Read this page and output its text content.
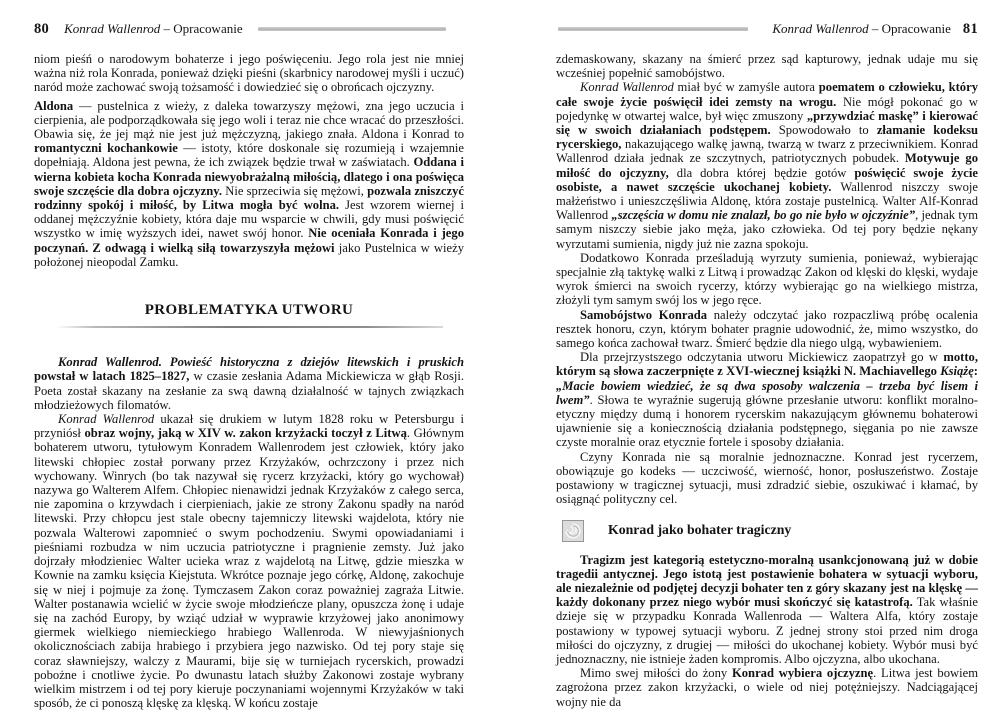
80 Konrad Wallenrod – Opracowanie

niom pieśń o narodowym bohaterze i jego poświęceniu. Jego rola jest nie mniej ważna niż rola Konrada, ponieważ dzięki pieśni (skarbnicy narodowej myśli i uczuć) naród może zachować swoją tożsamość i dowiedzieć się o obrońcach ojczyzny.

Aldona — pustelnica z wieży, z daleka towarzyszy mężowi, zna jego uczucia i cierpienia, ale podporządkowała się jego woli i teraz nie chce wracać do przeszłości. Obawia się, że jej mąż nie jest już mężczyzną, jakiego znała. Aldona i Konrad to romantyczni kochankowie — istoty, które doskonale się rozumieją i wzajemnie dopełniają. Aldona jest pewna, że ich związek będzie trwał w zaświatach. Oddana i wierna kobieta kocha Konrada niewyobrażalną miłością, dlatego i ona poświęca swoje szczęście dla dobra ojczyzny. Nie sprzeciwia się mężowi, pozwala zniszczyć rodzinny spokój i miłość, by Litwa mogła być wolna. Jest wzorem wiernej i oddanej mężczyźnie kobiety, która daje mu wsparcie w chwili, gdy musi poświęcić wszystko w imię wyższych idei, nawet swój honor. Nie oceniała Konrada i jego poczynań. Z odwagą i wielką siłą towarzyszyła mężowi jako Pustelnica w wieży położonej nieopodal Zamku.

PROBLEMATYKA UTWORU

Konrad Wallenrod. Powieść historyczna z dziejów litewskich i pruskich powstał w latach 1825–1827, w czasie zesłania Adama Mickiewicza w głąb Rosji. Poeta został skazany na zesłanie za swą dawną działalność w tajnych związkach młodzieżowych filomatów.

Konrad Wallenrod ukazał się drukiem w lutym 1828 roku w Petersburgu i przyniósł obraz wojny, jaką w XIV w. zakon krzyżacki toczył z Litwą. Głównym bohaterem utworu, tytułowym Konradem Wallenrodem jest człowiek, który jako litewski chłopiec został porwany przez Krzyżaków, ochrzczony i przez nich wychowany. Winrych (bo tak nazywał się rycerz krzyżacki, który go wychował) nazywa go Walterem Alfem. Chłopiec nienawidzi jednak Krzyżaków z całego serca, nie zapomina o krzywdach i cierpieniach, jakie ze strony Zakonu spadły na naród litewski. Przy chłopcu jest stale obecny tajemniczy litewski wajdelota, który nie pozwala Walterowi zapomnieć o swym pochodzeniu. Swymi opowiadaniami i pieśniami rozbudza w nim uczucia patriotyczne i pragnienie zemsty. Już jako dojrzały młodzieniec Walter ucieka wraz z wajdelotą na Litwę, gdzie mieszka w Kownie na zamku księcia Kiejstuta. Wkrótce poznaje jego córkę, Aldonę, zakochuje się w niej i pojmuje za żonę. Tymczasem Zakon coraz poważniej zagraża Litwie. Walter postanawia wcielić w życie swoje młodzieńcze plany, opuszcza żonę i udaje się na zachód Europy, by wziąć udział w wyprawie krzyżowej jako anonimowy giermek wielkiego niemieckiego hrabiego Wallenroda. W niewyjaśnionych okolicznościach zabija hrabiego i przybiera jego nazwisko. Od tej pory staje się coraz sławniejszy, walczy z Maurami, bije się w turniejach rycerskich, prowadzi pobożne i cnotliwe życie. Po dwunastu latach służby Zakonowi zostaje wybrany wielkim mistrzem i od tej pory kieruje poczynaniami wojennymi Krzyżaków w taki sposób, że ci ponoszą klęskę za klęską. W końcu zostaje

Konrad Wallenrod – Opracowanie 81

zdemaskowany, skazany na śmierć przez sąd kapturowy, jednak udaje mu się wcześniej popełnić samobójstwo.

Konrad Wallenrod miał być w zamyśle autora poematem o człowieku, który całe swoje życie poświęcił idei zemsty na wrogu. Nie mógł pokonać go w pojedynkę w otwartej walce, był więc zmuszony „przywdziać maskę” i kierować się w swoich działaniach podstępem. Spowodowało to złamanie kodeksu rycerskiego, nakazującego walkę jawną, twarzą w twarz z przeciwnikiem. Konrad Wallenrod działa jednak ze szczytnych, patriotycznych pobudek. Motywuje go miłość do ojczyzny, dla dobra której będzie gotów poświęcić swoje życie osobiste, a nawet szczęście ukochanej kobiety. Wallenrod niszczy swoje małżeństwo i unieszczęśliwia Aldonę, która zostaje pustelnicą. Walter Alf-Konrad Wallenrod „szczęścia w domu nie znalazł, bo go nie było w ojczyźnie”, jednak tym samym niszczy siebie jako męża, jako człowieka. Od tej pory będzie nękany wyrzutami sumienia, nigdy już nie zazna spokoju.

Dodatkowo Konrada prześladują wyrzuty sumienia, ponieważ, wybierając specjalnie złą taktykę walki z Litwą i prowadząc Zakon od klęski do klęski, wydaje wyrok śmierci na swoich rycerzy, którzy wybierając go na wielkiego mistrza, złożyli tym samym swój los w jego ręce.

Samobójstwo Konrada należy odczytać jako rozpaczliwą próbę ocalenia resztek honoru, czyn, którym bohater pragnie udowodnić, że, mimo wszystko, do samego końca zachował twarz. Śmierć będzie dla niego ulgą, wybawieniem.

Dla przejrzystszego odczytania utworu Mickiewicz zaopatrzył go w motto, którym są słowa zaczerpnięte z XVI-wiecznej książki N. Machiavellego Książę: „Macie bowiem wiedzieć, że są dwa sposoby walczenia – trzeba być lisem i lwem”. Słowa te wyraźnie sugerują główne przesłanie utworu: konflikt moralno-etyczny między dumą i honorem rycerskim nakazującym głównemu bohaterowi ujawnienie się a koniecznością działania podstępnego, sięgania po nie zawsze czyste moralnie oraz etycznie fortele i sposoby działania.

Czyny Konrada nie są moralnie jednoznaczne. Konrad jest rycerzem, obowiązuje go kodeks — uczciwość, wierność, honor, posłuszeństwo. Zostaje postawiony w tragicznej sytuacji, musi zdradzić siebie, oszukiwać i kłamać, by osiągnąć polityczny cel.

Konrad jako bohater tragiczny

Tragizm jest kategorią estetyczno-moralną usankcjonowaną już w dobie tragedii antycznej. Jego istotą jest postawienie bohatera w sytuacji wyboru, ale niezależnie od podjętej decyzji bohater ten z góry skazany jest na klęskę — każdy dokonany przez niego wybór musi skończyć się katastrofą. Tak właśnie dzieje się w przypadku Konrada Wallenroda — Waltera Alfa, który zostaje postawiony w typowej sytuacji wyboru. Z jednej strony stoi przed nim droga miłości do ojczyzny, z drugiej — miłości do ukochanej kobiety. Wybór musi być jednoznaczny, nie istnieje żaden kompromis. Albo ojczyzna, albo ukochana.

Mimo swej miłości do żony Konrad wybiera ojczyznę. Litwa jest bowiem zagrożona przez zakon krzyżacki, o wiele od niej potężniejszy. Nadciągającej wojny nie da
